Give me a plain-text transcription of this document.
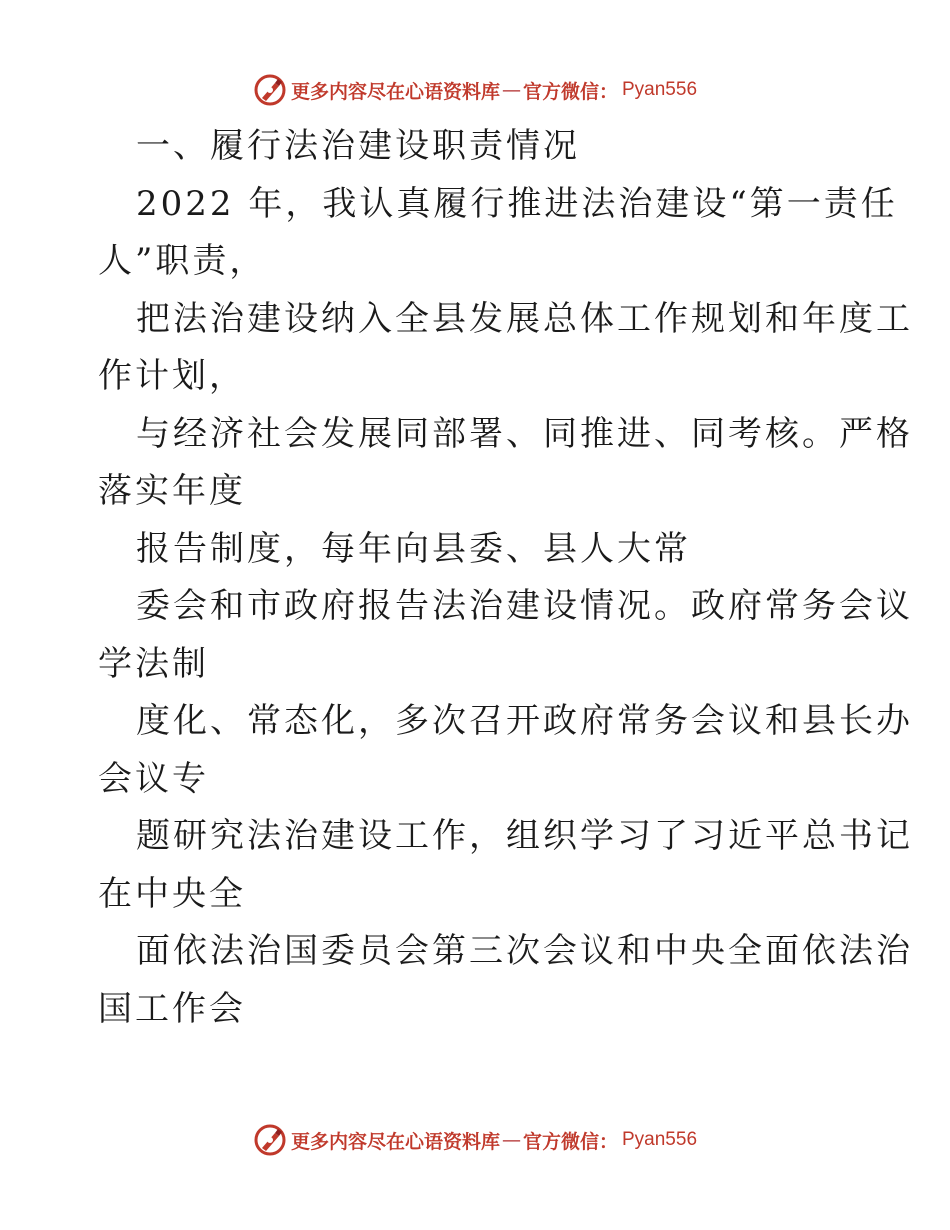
更多内容尽在心语资料库 — 官方微信： Pyan556
一、履行法治建设职责情况
2022 年，我认真履行推进法治建设“第一责任
人”职责，
把法治建设纳入全县发展总体工作规划和年度工
作计划，
与经济社会发展同部署、同推进、同考核。严格
落实年度
报告制度，每年向县委、县人大常
委会和市政府报告法治建设情况。政府常务会议
学法制
度化、常态化，多次召开政府常务会议和县长办
会议专
题研究法治建设工作，组织学习了习近平总书记
在中央全
面依法治国委员会第三次会议和中央全面依法治
国工作会
更多内容尽在心语资料库 — 官方微信： Pyan556
